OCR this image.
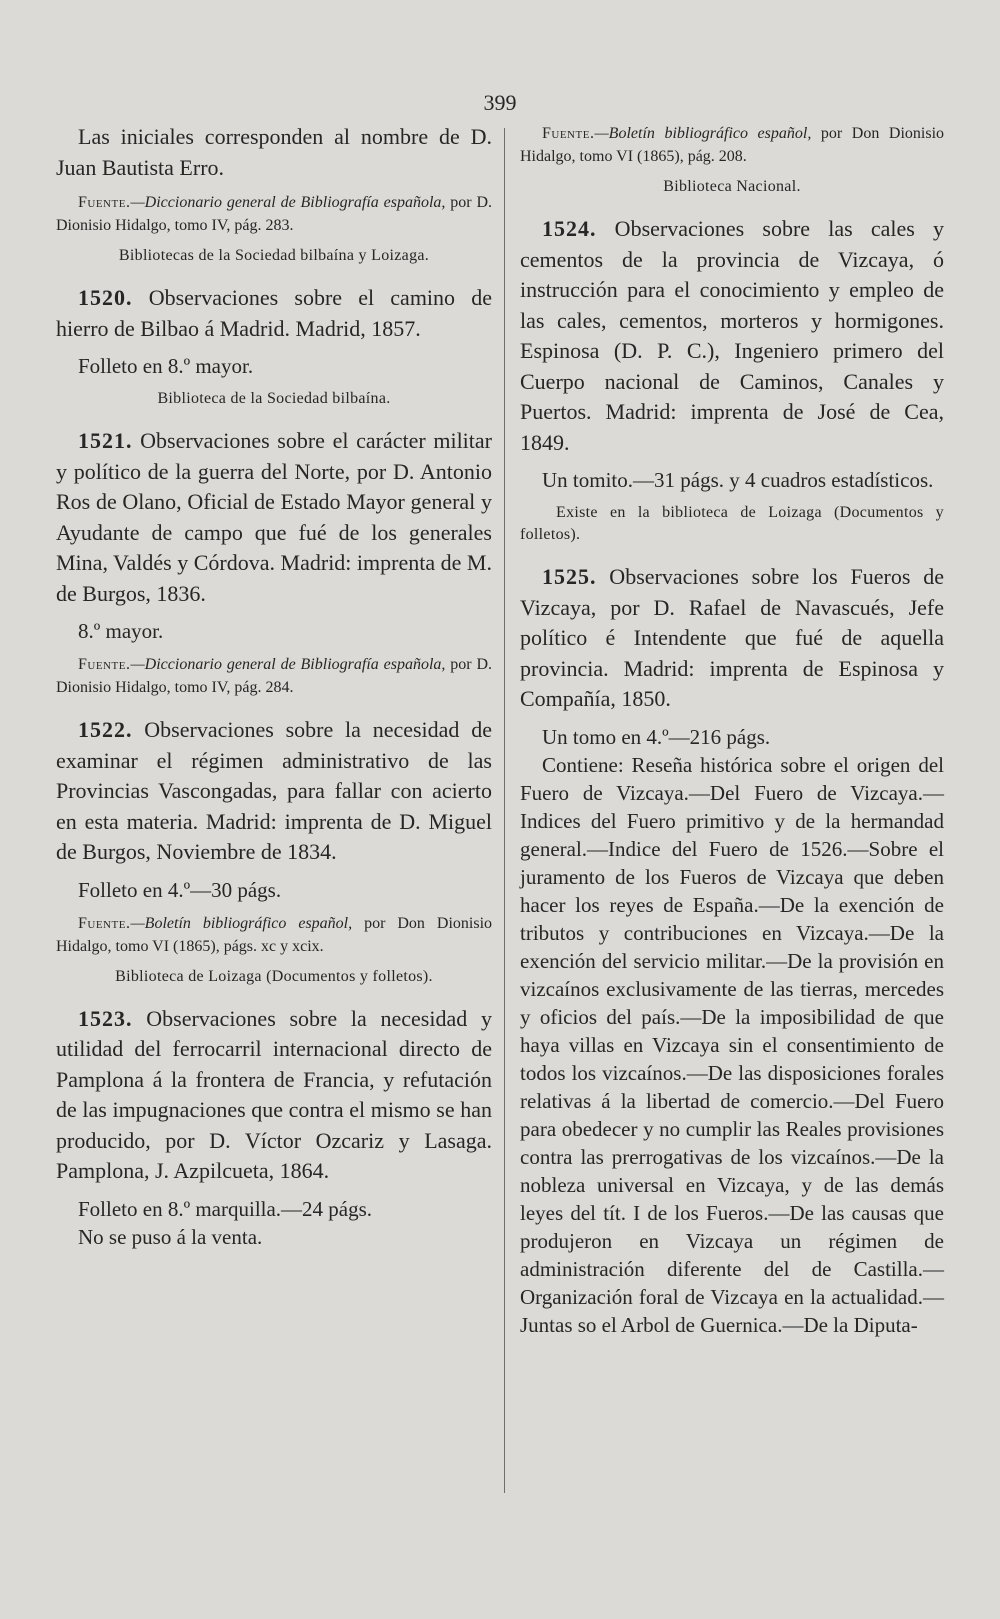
399

Las iniciales corresponden al nombre de D. Juan Bautista Erro.

Fuente.—Diccionario general de Bibliografía española, por D. Dionisio Hidalgo, tomo IV, pág. 283.

Bibliotecas de la Sociedad bilbaína y Loizaga.

1520. Observaciones sobre el camino de hierro de Bilbao á Madrid. Madrid, 1857.

Folleto en 8.º mayor.

Biblioteca de la Sociedad bilbaína.

1521. Observaciones sobre el carácter militar y político de la guerra del Norte, por D. Antonio Ros de Olano, Oficial de Estado Mayor general y Ayudante de campo que fué de los generales Mina, Valdés y Córdova. Madrid: imprenta de M. de Burgos, 1836.

8.º mayor.

Fuente.—Diccionario general de Bibliografía española, por D. Dionisio Hidalgo, tomo IV, pág. 284.

1522. Observaciones sobre la necesidad de examinar el régimen administrativo de las Provincias Vascongadas, para fallar con acierto en esta materia. Madrid: imprenta de D. Miguel de Burgos, Noviembre de 1834.

Folleto en 4.º—30 págs.

Fuente.—Boletín bibliográfico español, por Don Dionisio Hidalgo, tomo VI (1865), págs. xc y xcix.

Biblioteca de Loizaga (Documentos y folletos).

1523. Observaciones sobre la necesidad y utilidad del ferrocarril internacional directo de Pamplona á la frontera de Francia, y refutación de las impugnaciones que contra el mismo se han producido, por D. Víctor Ozcariz y Lasaga. Pamplona, J. Azpilcueta, 1864.

Folleto en 8.º marquilla.—24 págs.

No se puso á la venta.

Fuente.—Boletín bibliográfico español, por Don Dionisio Hidalgo, tomo VI (1865), pág. 208.

Biblioteca Nacional.

1524. Observaciones sobre las cales y cementos de la provincia de Vizcaya, ó instrucción para el conocimiento y empleo de las cales, cementos, morteros y hormigones. Espinosa (D. P. C.), Ingeniero primero del Cuerpo nacional de Caminos, Canales y Puertos. Madrid: imprenta de José de Cea, 1849.

Un tomito.—31 págs. y 4 cuadros estadísticos.

Existe en la biblioteca de Loizaga (Documentos y folletos).

1525. Observaciones sobre los Fueros de Vizcaya, por D. Rafael de Navascués, Jefe político é Intendente que fué de aquella provincia. Madrid: imprenta de Espinosa y Compañía, 1850.

Un tomo en 4.º—216 págs.

Contiene: Reseña histórica sobre el origen del Fuero de Vizcaya.—Del Fuero de Vizcaya.—Indices del Fuero primitivo y de la hermandad general.—Indice del Fuero de 1526.—Sobre el juramento de los Fueros de Vizcaya que deben hacer los reyes de España.—De la exención de tributos y contribuciones en Vizcaya.—De la exención del servicio militar.—De la provisión en vizcaínos exclusivamente de las tierras, mercedes y oficios del país.—De la imposibilidad de que haya villas en Vizcaya sin el consentimiento de todos los vizcaínos.—De las disposiciones forales relativas á la libertad de comercio.—Del Fuero para obedecer y no cumplir las Reales provisiones contra las prerrogativas de los vizcaínos.—De la nobleza universal en Vizcaya, y de las demás leyes del tít. I de los Fueros.—De las causas que produjeron en Vizcaya un régimen de administración diferente del de Castilla.—Organización foral de Vizcaya en la actualidad.—Juntas so el Arbol de Guernica.—De la Diputa-
